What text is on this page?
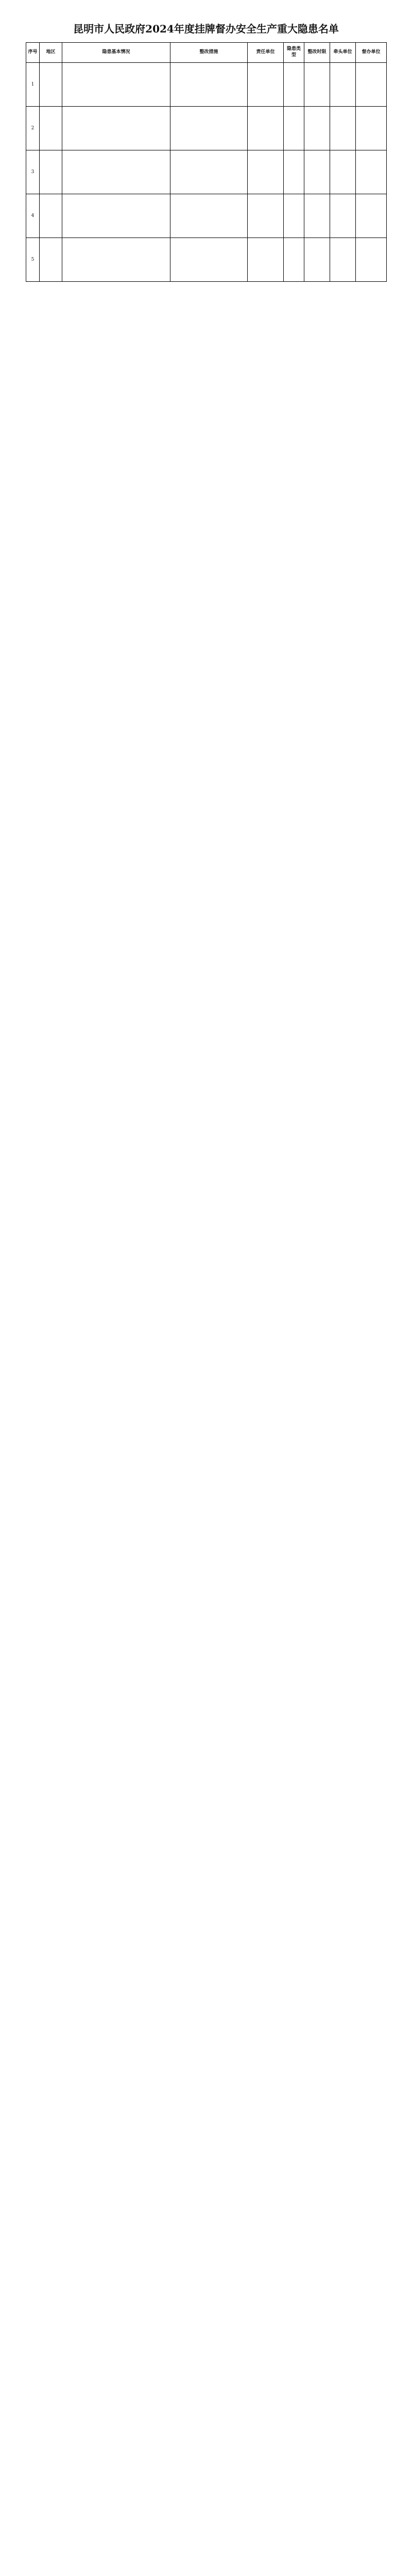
昆明市人民政府2024年度挂牌督办安全生产重大隐患名单
序号	地区	隐患基本情况	整改措施	责任单位	隐患类型	整改时限	牵头单位	督办单位
1								
2								
3								
4								
5								
